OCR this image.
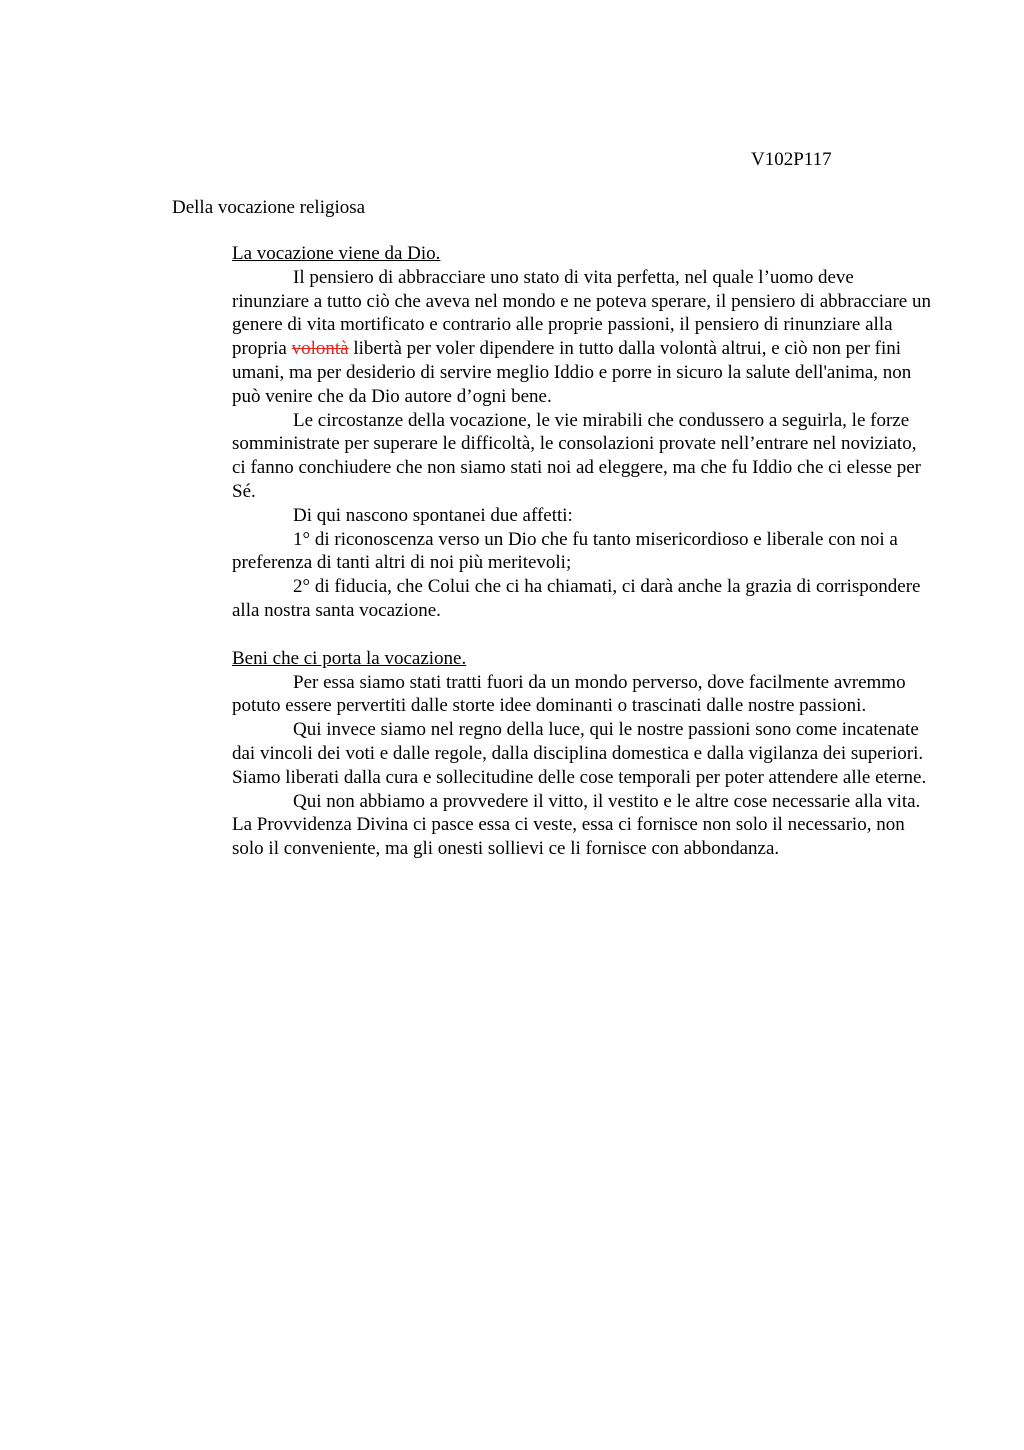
V102P117

Della vocazione religiosa

La vocazione viene da Dio.

Il pensiero di abbracciare uno stato di vita perfetta, nel quale l’uomo deve rinunziare a tutto ciò che aveva nel mondo e ne poteva sperare, il pensiero di abbracciare un genere di vita mortificato e contrario alle proprie passioni, il pensiero di rinunziare alla propria volontà libertà per voler dipendere in tutto dalla volontà altrui, e ciò non per fini umani, ma per desiderio di servire meglio Iddio e porre in sicuro la salute dell'anima, non può venire che da Dio autore d’ogni bene.

Le circostanze della vocazione, le vie mirabili che condussero a seguirla, le forze somministrate per superare le difficoltà, le consolazioni provate nell’entrare nel noviziato, ci fanno conchiudere che non siamo stati noi ad eleggere, ma che fu Iddio che ci elesse per Sé.

Di qui nascono spontanei due affetti:

1° di riconoscenza verso un Dio che fu tanto misericordioso e liberale con noi a preferenza di tanti altri di noi più meritevoli;

2° di fiducia, che Colui che ci ha chiamati, ci darà anche la grazia di corrispondere alla nostra santa vocazione.

Beni che ci porta la vocazione.

Per essa siamo stati tratti fuori da un mondo perverso, dove facilmente avremmo potuto essere pervertiti dalle storte idee dominanti o trascinati dalle nostre passioni.

Qui invece siamo nel regno della luce, qui le nostre passioni sono come incatenate dai vincoli dei voti e dalle regole, dalla disciplina domestica e dalla vigilanza dei superiori. Siamo liberati dalla cura e sollecitudine delle cose temporali per poter attendere alle eterne.

Qui non abbiamo a provvedere il vitto, il vestito e le altre cose necessarie alla vita. La Provvidenza Divina ci pasce essa ci veste, essa ci fornisce non solo il necessario, non solo il conveniente, ma gli onesti sollievi ce li fornisce con abbondanza.
